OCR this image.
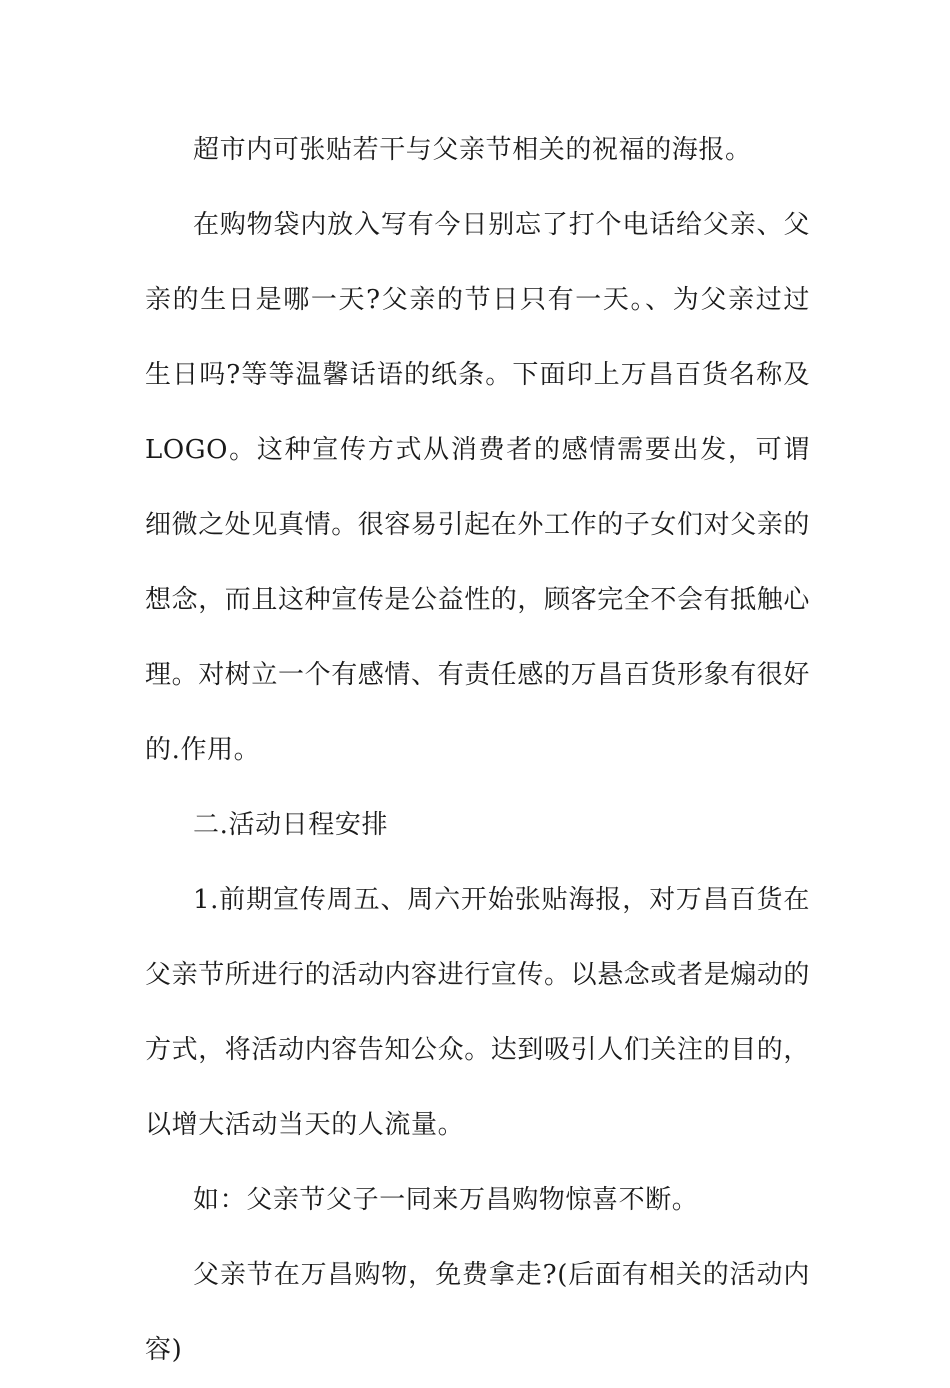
超市内可张贴若干与父亲节相关的祝福的海报。

在购物袋内放入写有今日别忘了打个电话给父亲、父亲的生日是哪一天?父亲的节日只有一天。、为父亲过过生日吗?等等温馨话语的纸条。下面印上万昌百货名称及LOGO。这种宣传方式从消费者的感情需要出发，可谓细微之处见真情。很容易引起在外工作的子女们对父亲的想念，而且这种宣传是公益性的，顾客完全不会有抵触心理。对树立一个有感情、有责任感的万昌百货形象有很好的.作用。

二.活动日程安排

1.前期宣传周五、周六开始张贴海报，对万昌百货在父亲节所进行的活动内容进行宣传。以悬念或者是煽动的方式，将活动内容告知公众。达到吸引人们关注的目的，以增大活动当天的人流量。

如：父亲节父子一同来万昌购物惊喜不断。

父亲节在万昌购物，免费拿走?(后面有相关的活动内容)
